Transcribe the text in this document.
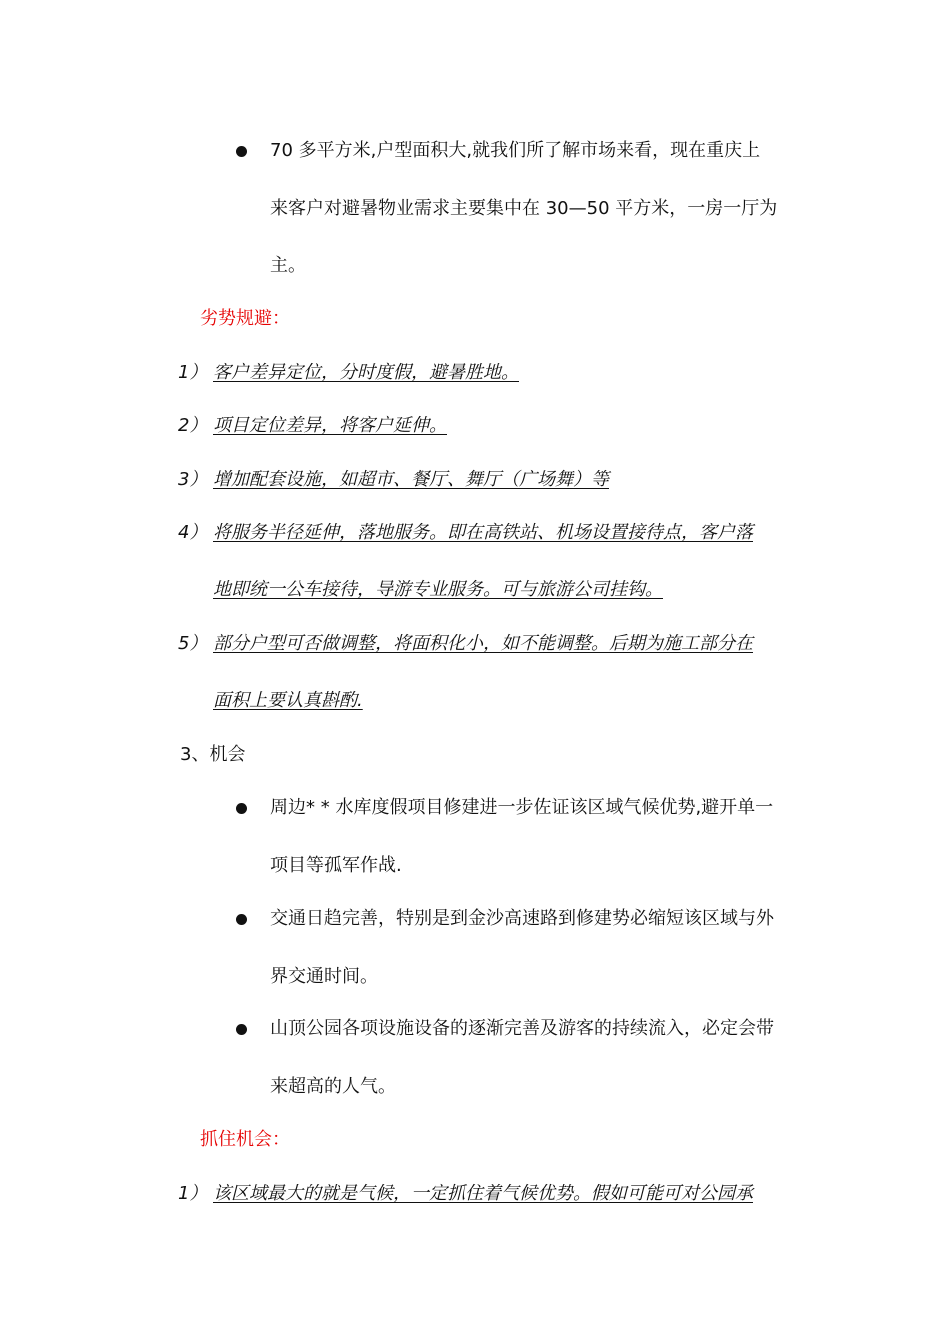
70 多平方米,户型面积大,就我们所了解市场来看，现在重庆上
来客户对避暑物业需求主要集中在 30—50 平方米，一房一厅为
主。
劣势规避：
1） 客户差异定位，分时度假，避暑胜地。
2） 项目定位差异，将客户延伸。
3） 增加配套设施，如超市、餐厅、舞厅（广场舞）等
4） 将服务半径延伸，落地服务。即在高铁站、机场设置接待点，客户落
地即统一公车接待，导游专业服务。可与旅游公司挂钩。
5） 部分户型可否做调整，将面积化小，如不能调整。后期为施工部分在
面积上要认真斟酌.
3、机会
周边* * 水库度假项目修建进一步佐证该区域气候优势,避开单一
项目等孤军作战.
交通日趋完善，特别是到金沙高速路到修建势必缩短该区域与外
界交通时间。
山顶公园各项设施设备的逐渐完善及游客的持续流入，必定会带
来超高的人气。
抓住机会：
1） 该区域最大的就是气候，一定抓住着气候优势。假如可能可对公园承
